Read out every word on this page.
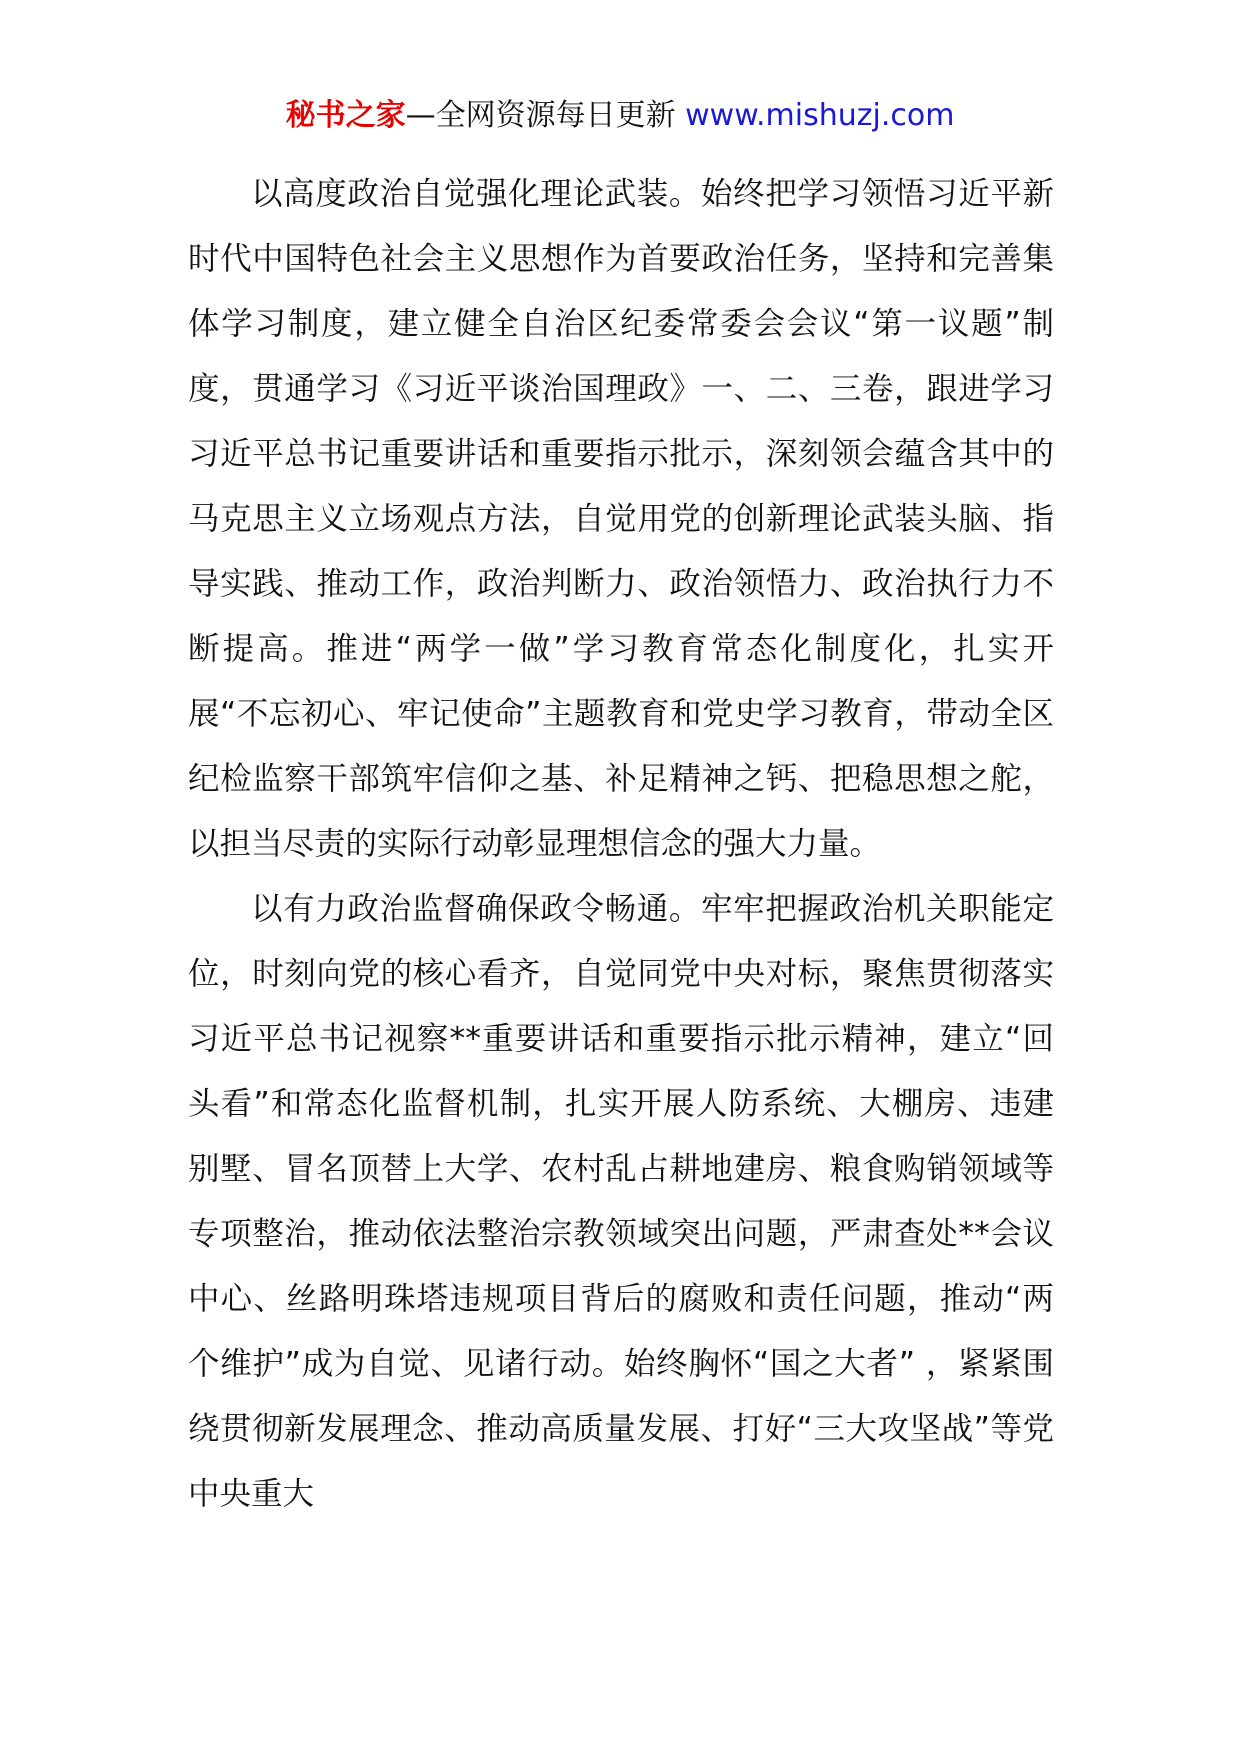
秘书之家—全网资源每日更新 www.mishuzj.com

以高度政治自觉强化理论武装。始终把学习领悟习近平新时代中国特色社会主义思想作为首要政治任务，坚持和完善集体学习制度，建立健全自治区纪委常委会会议“第一议题”制度，贯通学习《习近平谈治国理政》一、二、三卷，跟进学习习近平总书记重要讲话和重要指示批示，深刻领会蕴含其中的马克思主义立场观点方法，自觉用党的创新理论武装头脑、指导实践、推动工作，政治判断力、政治领悟力、政治执行力不断提高。推进“两学一做”学习教育常态化制度化，扎实开展“不忘初心、牢记使命”主题教育和党史学习教育，带动全区纪检监察干部筑牢信仰之基、补足精神之钙、把稳思想之舵，以担当尽责的实际行动彰显理想信念的强大力量。

以有力政治监督确保政令畅通。牢牢把握政治机关职能定位，时刻向党的核心看齐，自觉同党中央对标，聚焦贯彻落实习近平总书记视察**重要讲话和重要指示批示精神，建立“回头看”和常态化监督机制，扎实开展人防系统、大棚房、违建别墅、冒名顶替上大学、农村乱占耕地建房、粮食购销领域等专项整治，推动依法整治宗教领域突出问题，严肃查处**会议中心、丝路明珠塔违规项目背后的腐败和责任问题，推动“两个维护”成为自觉、见诸行动。始终胸怀“国之大者” ，紧紧围绕贯彻新发展理念、推动高质量发展、打好“三大攻坚战”等党中央重大
